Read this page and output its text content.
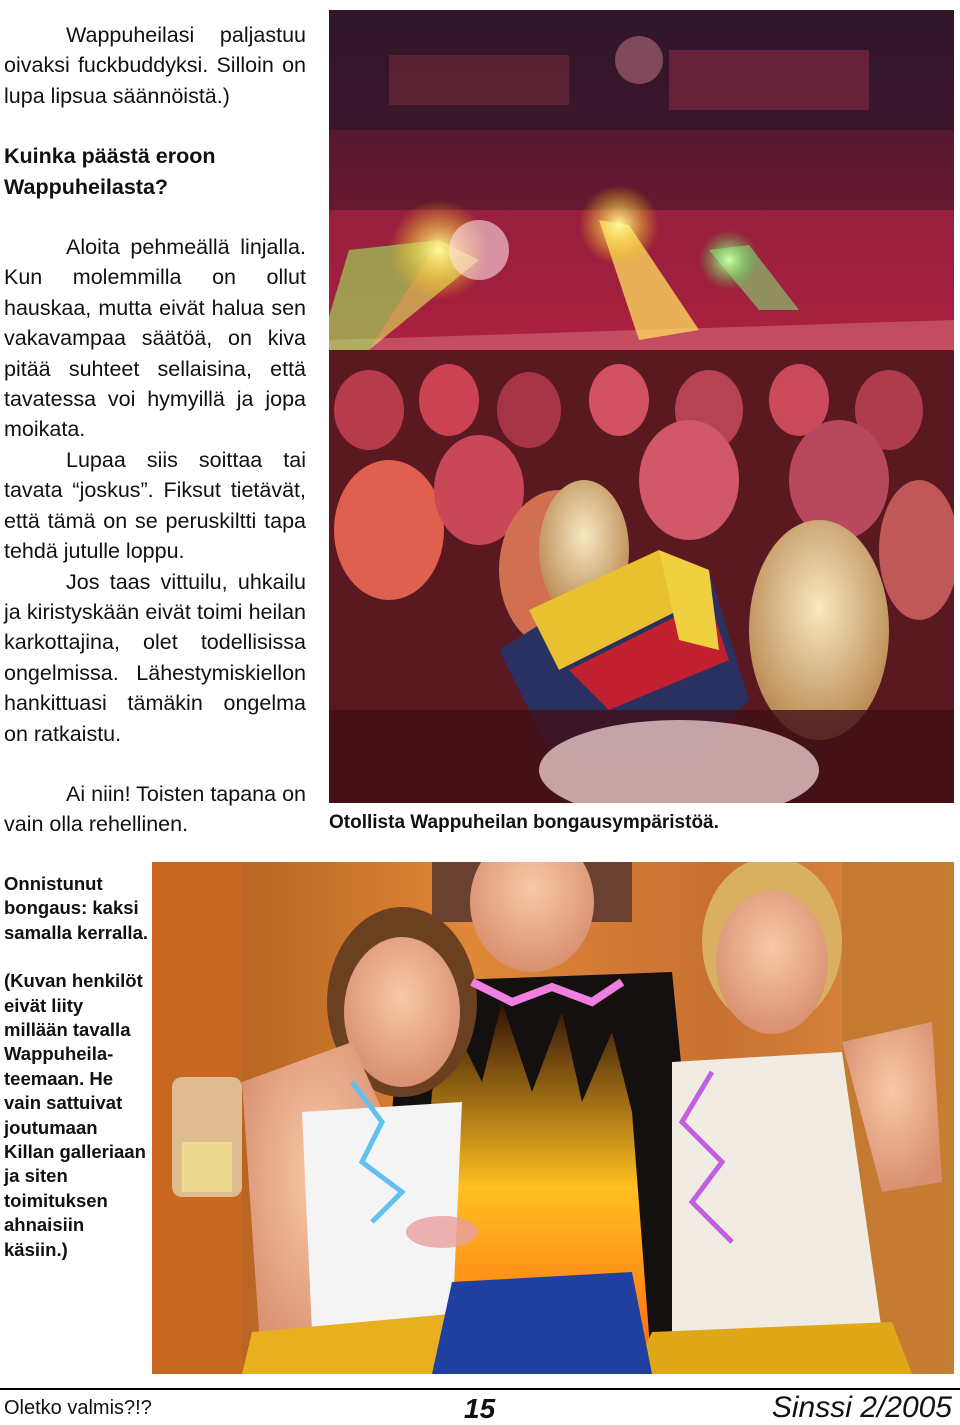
Wappuheilasi paljastuu oivaksi fuckbuddyksi. Silloin on lupa lipsua säännöistä.)

Kuinka päästä eroon Wappuheilasta?

Aloita pehmeällä linjalla. Kun molemmilla on ollut hauskaa, mutta eivät halua sen vakavampaa säätöä, on kiva pitää suhteet sellaisina, että tavatessa voi hymyillä ja jopa moikata.

Lupaa siis soittaa tai tavata “joskus”. Fiksut tietävät, että tämä on se peruskiltti tapa tehdä jutulle loppu.

Jos taas vittuilu, uhkailu ja kiristyskään eivät toimi heilan karkottajina, olet todellisissa ongelmissa. Lähestymiskiellon hankittuasi tämäkin ongelma on ratkaistu.

Ai niin! Toisten tapana on vain olla rehellinen.	Otollista Wappuheilan bongausympäristöä.

Onnistunut bongaus: kaksi samalla kerralla.

(Kuvan henkilöt eivät liity millään tavalla Wappuheila-teemaan. He vain sattuivat joutumaan Killan galleriaan ja siten toimituksen ahnaisiin käsiin.)

Oletko valmis?!?	15	Sinssi 2/2005
